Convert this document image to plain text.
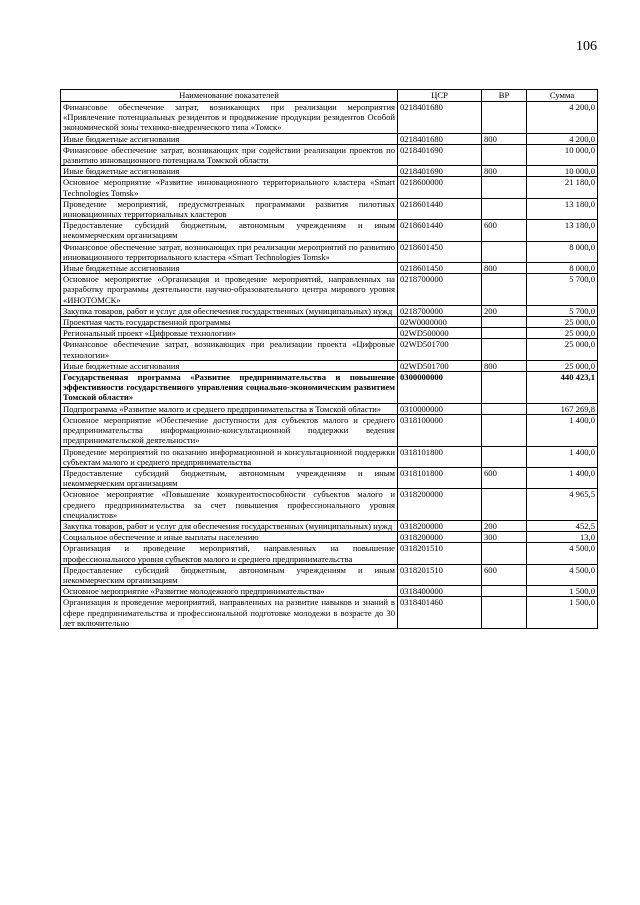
106
Наименование показателей	ЦСР	ВР	Сумма
Финансовое обеспечение затрат, возникающих при реализации мероприятия «Привлечение потенциальных резидентов и продвижение продукции резидентов Особой экономической зоны технико-внедренческого типа «Томск»	0218401680		4 200,0
Иные бюджетные ассигнования	0218401680	800	4 200,0
Финансовое обеспечение затрат, возникающих при содействии реализации проектов по развитию инновационного потенциала Томской области	0218401690		10 000,0
Иные бюджетные ассигнования	0218401690	800	10 000,0
Основное мероприятие «Развитие инновационного территориального кластера «Smart Technologies Tomsk»	0218600000		21 180,0
Проведение мероприятий, предусмотренных программами развития пилотных инновационных территориальных кластеров	0218601440		13 180,0
Предоставление субсидий бюджетным, автономным учреждениям и иным некоммерческим организациям	0218601440	600	13 180,0
Финансовое обеспечение затрат, возникающих при реализации мероприятий по развитию инновационного территориального кластера «Smart Technologies Tomsk»	0218601450		8 000,0
Иные бюджетные ассигнования	0218601450	800	8 000,0
Основное мероприятие «Организация и проведение мероприятий, направленных на разработку программы деятельности научно-образовательного центра мирового уровня «ИНОТОМСК»	0218700000		5 700,0
Закупка товаров, работ и услуг для обеспечения государственных (муниципальных) нужд	0218700000	200	5 700,0
Проектная часть государственной программы	02W0000000		25 000,0
Региональный проект «Цифровые технологии»	02WD500000		25 000,0
Финансовое обеспечение затрат, возникающих при реализации проекта «Цифровые технологии»	02WD501700		25 000,0
Иные бюджетные ассигнования	02WD501700	800	25 000,0
Государственная программа «Развитие предпринимательства и повышение эффективности государственного управления социально-экономическим развитием Томской области»	0300000000		440 423,1
Подпрограмма «Развитие малого и среднего предпринимательства в Томской области»	0310000000		167 269,8
Основное мероприятие «Обеспечение доступности для субъектов малого и среднего предпринимательства информационно-консультационной поддержки ведения предпринимательской деятельности»	0318100000		1 400,0
Проведение мероприятий по оказанию информационной и консультационной поддержки субъектам малого и среднего предпринимательства	0318101800		1 400,0
Предоставление субсидий бюджетным, автономным учреждениям и иным некоммерческим организациям	0318101800	600	1 400,0
Основное мероприятие «Повышение конкурентоспособности субъектов малого и среднего предпринимательства за счет повышения профессионального уровня специалистов»	0318200000		4 965,5
Закупка товаров, работ и услуг для обеспечения государственных (муниципальных) нужд	0318200000	200	452,5
Социальное обеспечение и иные выплаты населению	0318200000	300	13,0
Организация и проведение мероприятий, направленных на повышение профессионального уровня субъектов малого и среднего предпринимательства	0318201510		4 500,0
Предоставление субсидий бюджетным, автономным учреждениям и иным некоммерческим организациям	0318201510	600	4 500,0
Основное мероприятие «Развитие молодежного предпринимательства»	0318400000		1 500,0
Организация и проведение мероприятий, направленных на развитие навыков и знаний в сфере предпринимательства и профессиональной подготовке молодежи в возрасте до 30 лет включительно	0318401460		1 500,0
